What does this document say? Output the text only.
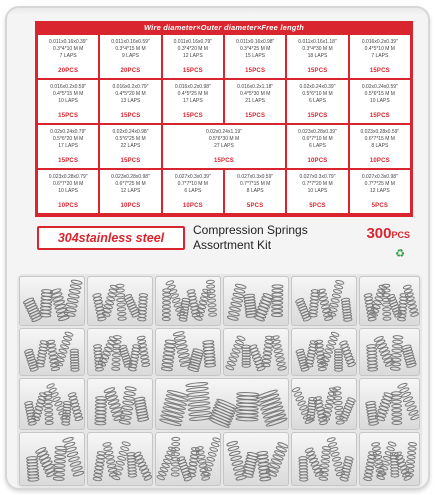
Wire diameter×Outer diameter×Free length
0.011x0.16x0.39"
0.3*4*10 M M
7 LAPS
20PCS
0.011x0.16x0.59"
0.3*4*15 M M
9 LAPS
20PCS
0.011x0.16x0.79"
0.3*4*20 M M
12 LAPS
15PCS
0.011x0.16x0.98"
0.3*4*25 M M
15 LAPS
15PCS
0.011x0.16x1.18"
0.3*4*30 M M
18 LAPS
15PCS
0.016x0.2x0.39"
0.4*5*10 M M
7 LAPS
15PCS
0.016x0.2x0.59"
0.4*5*15 M M
10 LAPS
15PCS
0.016x0.2x0.79"
0.4*5*20 M M
13 LAPS
15PCS
0.016x0.2x0.98"
0.4*5*25 M M
17 LAPS
15PCS
0.016x0.2x1.18"
0.4*5*30 M M
21 LAPS
15PCS
0.02x0.24x0.39"
0.5*6*10 M M
6 LAPS
15PCS
0.02x0.24x0.59"
0.5*6*15 M M
10 LAPS
15PCS
0.02x0.24x0.79"
0.5*6*20 M M
17 LAPS
15PCS
0.02x0.24x0.98"
0.5*6*25 M M
22 LAPS
15PCS
0.02x0.24x1.19"
0.5*6*30 M M
27 LAPS
15PCS
0.023x0.28x0.39"
0.6*7*10 M M
6 LAPS
10PCS
0.023x0.28x0.59"
0.6*7*15 M M
8 LAPS
10PCS
0.023x0.28x0.79"
0.6*7*20 M M
10 LAPS
10PCS
0.023x0.28x0.98"
0.6*7*25 M M
12 LAPS
10PCS
0.027x0.3x0.39"
0.7*7*10 M M
6 LAPS
10PCS
0.027x0.3x0.59"
0.7*7*15 M M
8 LAPS
5PCS
0.027x0.3x0.79"
0.7*7*20 M M
10 LAPS
5PCS
0.027x0.3x0.98"
0.7*7*25 M M
12 LAPS
5PCS
304stainless steel
Compression Springs
Assortment Kit
300PCS
♻
